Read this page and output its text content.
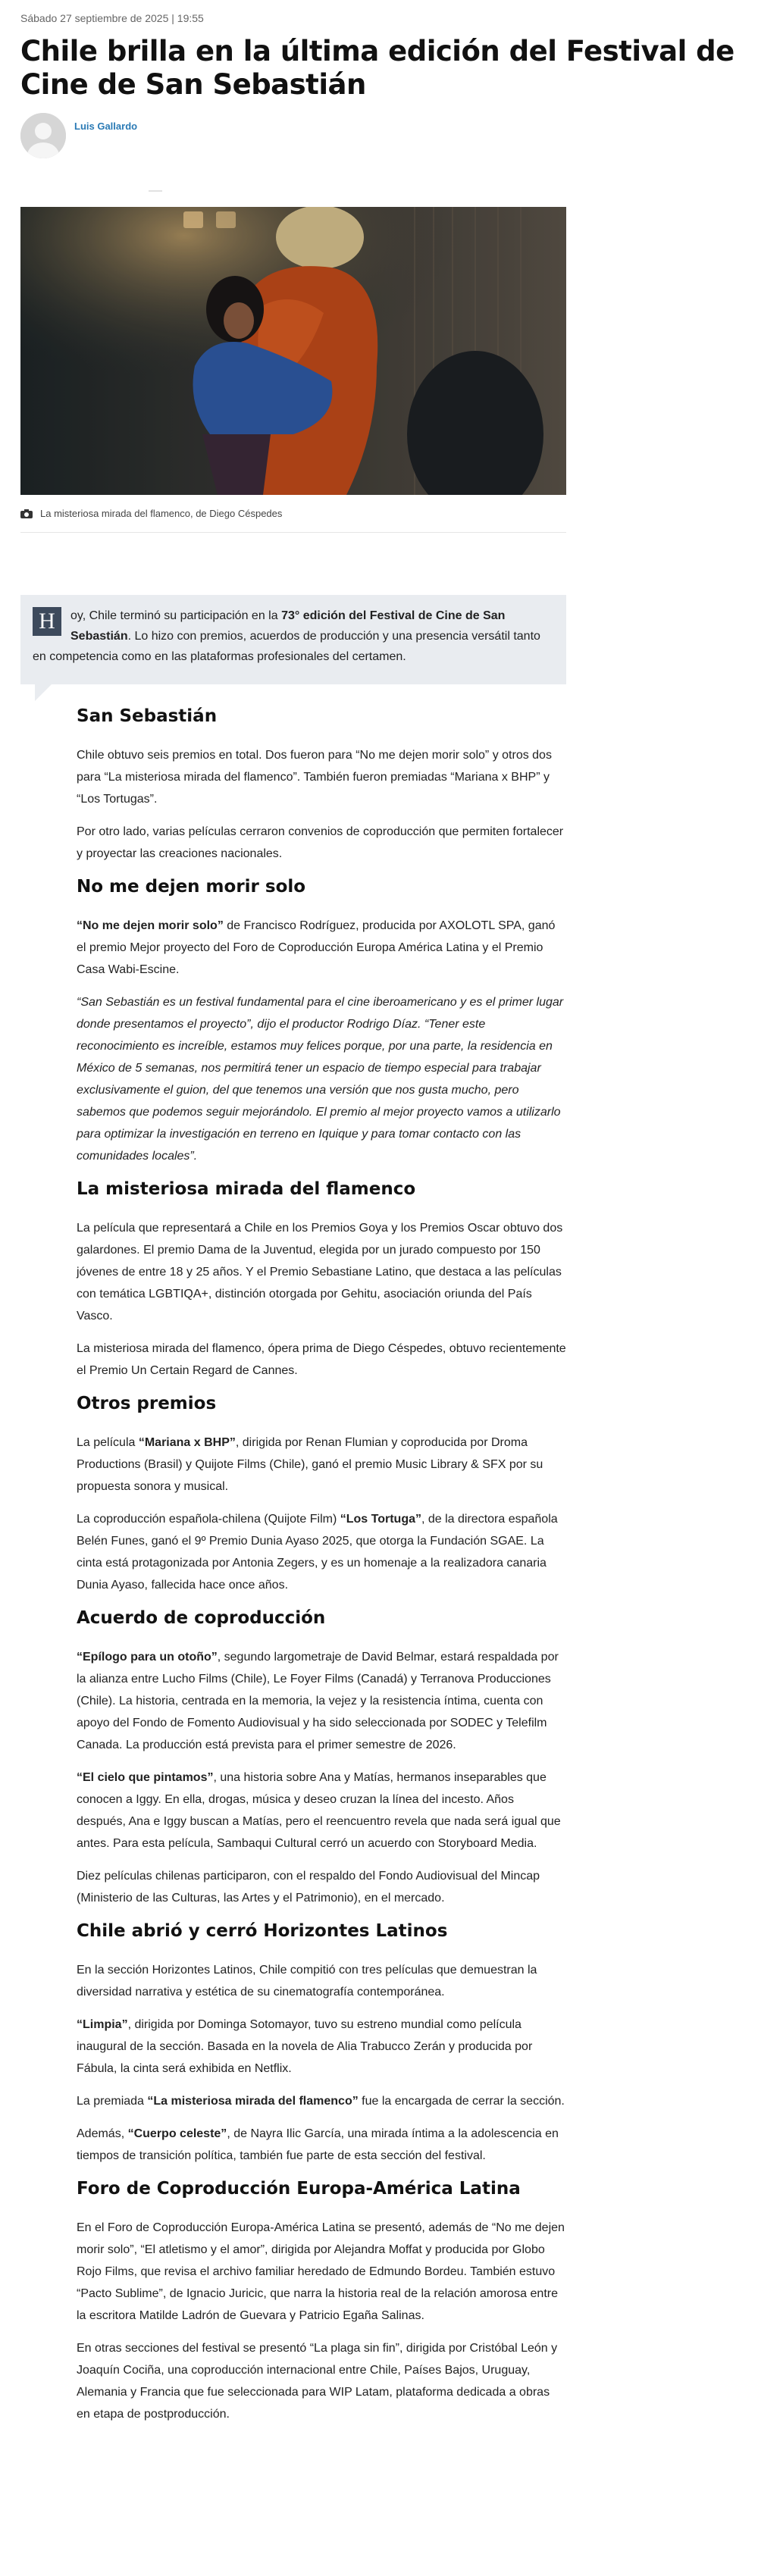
Sábado 27 septiembre de 2025 | 19:55
Chile brilla en la última edición del Festival de Cine de San Sebastián
Luis Gallardo
La misteriosa mirada del flamenco, de Diego Céspedes
H	oy, Chile terminó su participación en la 73° edición del Festival de Cine de San Sebastián. Lo hizo con premios, acuerdos de producción y una presencia versátil tanto en competencia como en las plataformas profesionales del certamen.
San Sebastián

Chile obtuvo seis premios en total. Dos fueron para “No me dejen morir solo” y otros dos para “La misteriosa mirada del flamenco”. También fueron premiadas “Mariana x BHP” y “Los Tortugas”.

Por otro lado, varias películas cerraron convenios de coproducción que permiten fortalecer y proyectar las creaciones nacionales.

No me dejen morir solo

“No me dejen morir solo” de Francisco Rodríguez, producida por AXOLOTL SPA, ganó el premio Mejor proyecto del Foro de Coproducción Europa América Latina y el Premio Casa Wabi-Escine.

“San Sebastián es un festival fundamental para el cine iberoamericano y es el primer lugar donde presentamos el proyecto”, dijo el productor Rodrigo Díaz. “Tener este reconocimiento es increíble, estamos muy felices porque, por una parte, la residencia en México de 5 semanas, nos permitirá tener un espacio de tiempo especial para trabajar exclusivamente el guion, del que tenemos una versión que nos gusta mucho, pero sabemos que podemos seguir mejorándolo. El premio al mejor proyecto vamos a utilizarlo para optimizar la investigación en terreno en Iquique y para tomar contacto con las comunidades locales”.

La misteriosa mirada del flamenco

La película que representará a Chile en los Premios Goya y los Premios Oscar obtuvo dos galardones. El premio Dama de la Juventud, elegida por un jurado compuesto por 150 jóvenes de entre 18 y 25 años. Y el Premio Sebastiane Latino, que destaca a las películas con temática LGBTIQA+, distinción otorgada por Gehitu, asociación oriunda del País Vasco.

La misteriosa mirada del flamenco, ópera prima de Diego Céspedes, obtuvo recientemente el Premio Un Certain Regard de Cannes.

Otros premios

La película “Mariana x BHP”, dirigida por Renan Flumian y coproducida por Droma Productions (Brasil) y Quijote Films (Chile), ganó el premio Music Library & SFX por su propuesta sonora y musical.

La coproducción española-chilena (Quijote Film) “Los Tortuga”, de la directora española Belén Funes, ganó el 9º Premio Dunia Ayaso 2025, que otorga la Fundación SGAE. La cinta está protagonizada por Antonia Zegers, y es un homenaje a la realizadora canaria Dunia Ayaso, fallecida hace once años.

Acuerdo de coproducción

“Epílogo para un otoño”, segundo largometraje de David Belmar, estará respaldada por la alianza entre Lucho Films (Chile), Le Foyer Films (Canadá) y Terranova Producciones (Chile). La historia, centrada en la memoria, la vejez y la resistencia íntima, cuenta con apoyo del Fondo de Fomento Audiovisual y ha sido seleccionada por SODEC y Telefilm Canada. La producción está prevista para el primer semestre de 2026.

“El cielo que pintamos”, una historia sobre Ana y Matías, hermanos inseparables que conocen a Iggy. En ella, drogas, música y deseo cruzan la línea del incesto. Años después, Ana e Iggy buscan a Matías, pero el reencuentro revela que nada será igual que antes. Para esta película, Sambaqui Cultural cerró un acuerdo con Storyboard Media.

Diez películas chilenas participaron, con el respaldo del Fondo Audiovisual del Mincap (Ministerio de las Culturas, las Artes y el Patrimonio), en el mercado.

Chile abrió y cerró Horizontes Latinos

En la sección Horizontes Latinos, Chile compitió con tres películas que demuestran la diversidad narrativa y estética de su cinematografía contemporánea.

“Limpia”, dirigida por Dominga Sotomayor, tuvo su estreno mundial como película inaugural de la sección. Basada en la novela de Alia Trabucco Zerán y producida por Fábula, la cinta será exhibida en Netflix.

La premiada “La misteriosa mirada del flamenco” fue la encargada de cerrar la sección.

Además, “Cuerpo celeste”, de Nayra Ilic García, una mirada íntima a la adolescencia en tiempos de transición política, también fue parte de esta sección del festival.

Foro de Coproducción Europa-América Latina

En el Foro de Coproducción Europa-América Latina se presentó, además de “No me dejen morir solo”, “El atletismo y el amor”, dirigida por Alejandra Moffat y producida por Globo Rojo Films, que revisa el archivo familiar heredado de Edmundo Bordeu. También estuvo “Pacto Sublime”, de Ignacio Juricic, que narra la historia real de la relación amorosa entre la escritora Matilde Ladrón de Guevara y Patricio Egaña Salinas.

En otras secciones del festival se presentó “La plaga sin fin”, dirigida por Cristóbal León y Joaquín Cociña, una coproducción internacional entre Chile, Países Bajos, Uruguay, Alemania y Francia que fue seleccionada para WIP Latam, plataforma dedicada a obras en etapa de postproducción.
